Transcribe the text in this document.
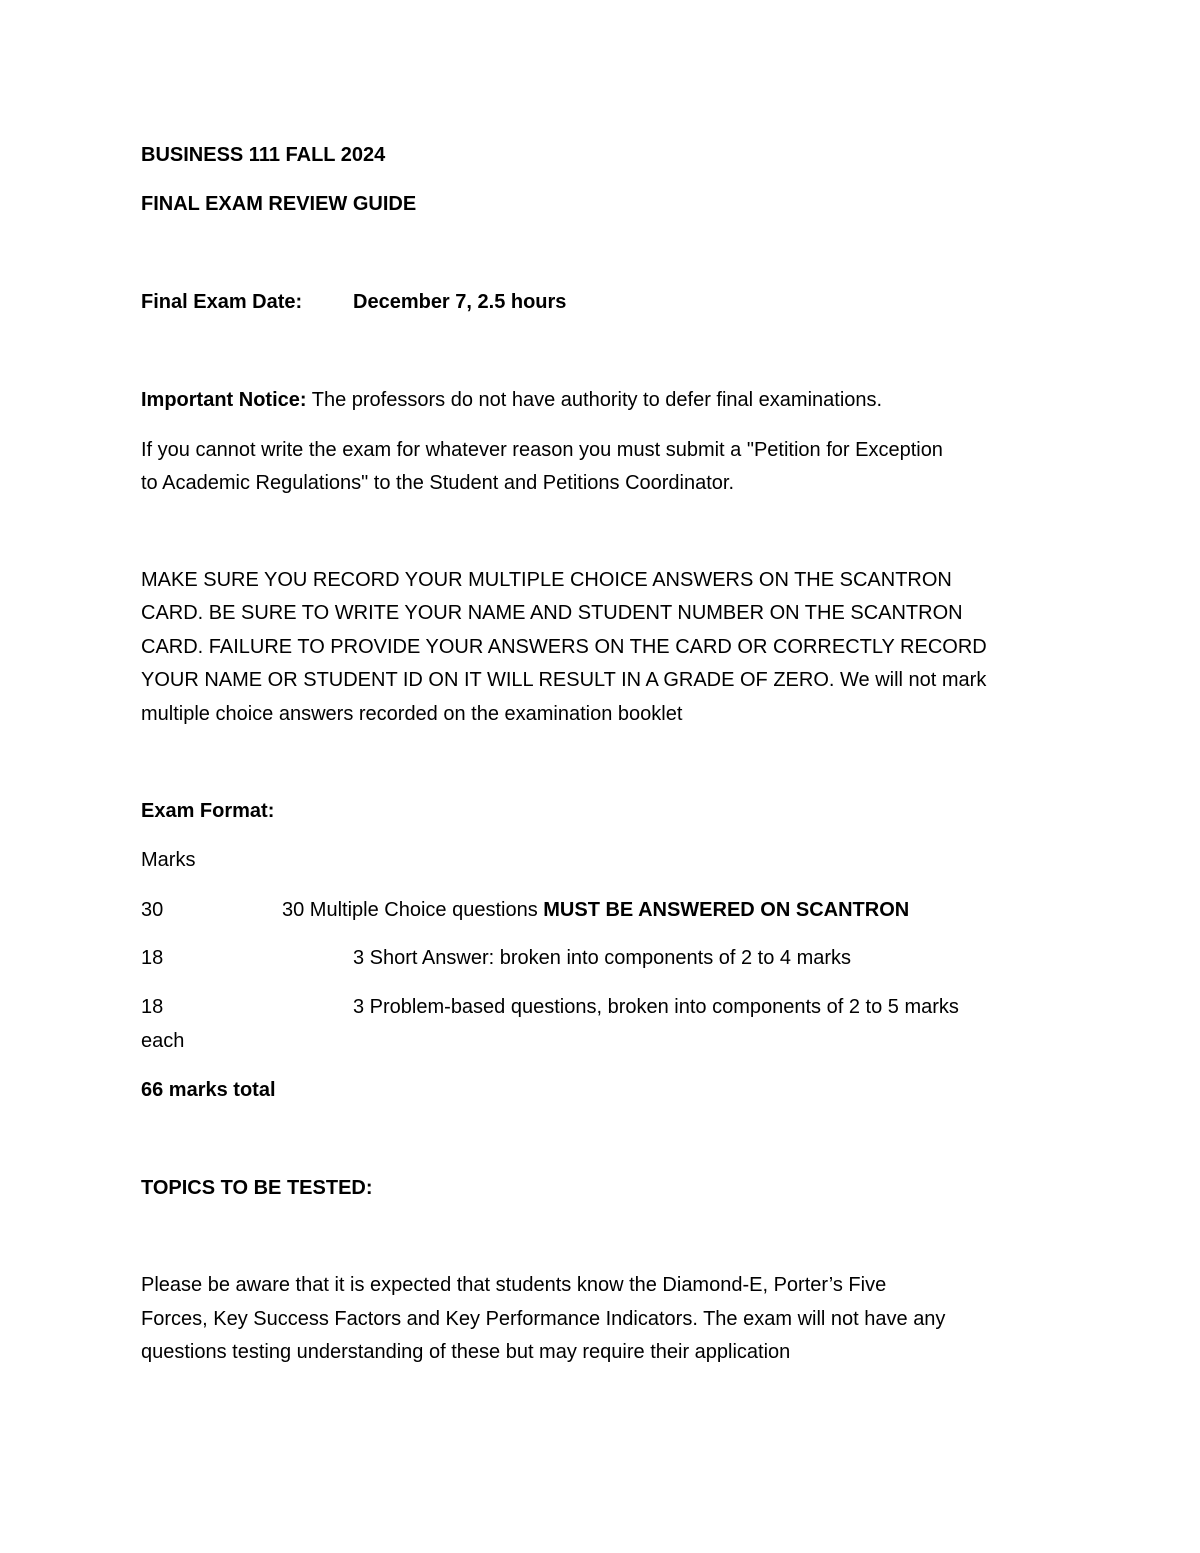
BUSINESS 111 FALL 2024
FINAL EXAM REVIEW GUIDE
Final Exam Date:	December 7, 2.5 hours
Important Notice: The professors do not have authority to defer final examinations.
If you cannot write the exam for whatever reason you must submit a "Petition for Exception
to Academic Regulations" to the Student and Petitions Coordinator.
MAKE SURE YOU RECORD YOUR MULTIPLE CHOICE ANSWERS ON THE SCANTRON
CARD. BE SURE TO WRITE YOUR NAME AND STUDENT NUMBER ON THE SCANTRON
CARD. FAILURE TO PROVIDE YOUR ANSWERS ON THE CARD OR CORRECTLY RECORD
YOUR NAME OR STUDENT ID ON IT WILL RESULT IN A GRADE OF ZERO. We will not mark
multiple choice answers recorded on the examination booklet
Exam Format:
Marks
30	30 Multiple Choice questions MUST BE ANSWERED ON SCANTRON
18	3 Short Answer: broken into components of 2 to 4 marks
18	3 Problem-based questions, broken into components of 2 to 5 marks
each
66 marks total
TOPICS TO BE TESTED:
Please be aware that it is expected that students know the Diamond-E, Porter’s Five
Forces, Key Success Factors and Key Performance Indicators. The exam will not have any
questions testing understanding of these but may require their application
